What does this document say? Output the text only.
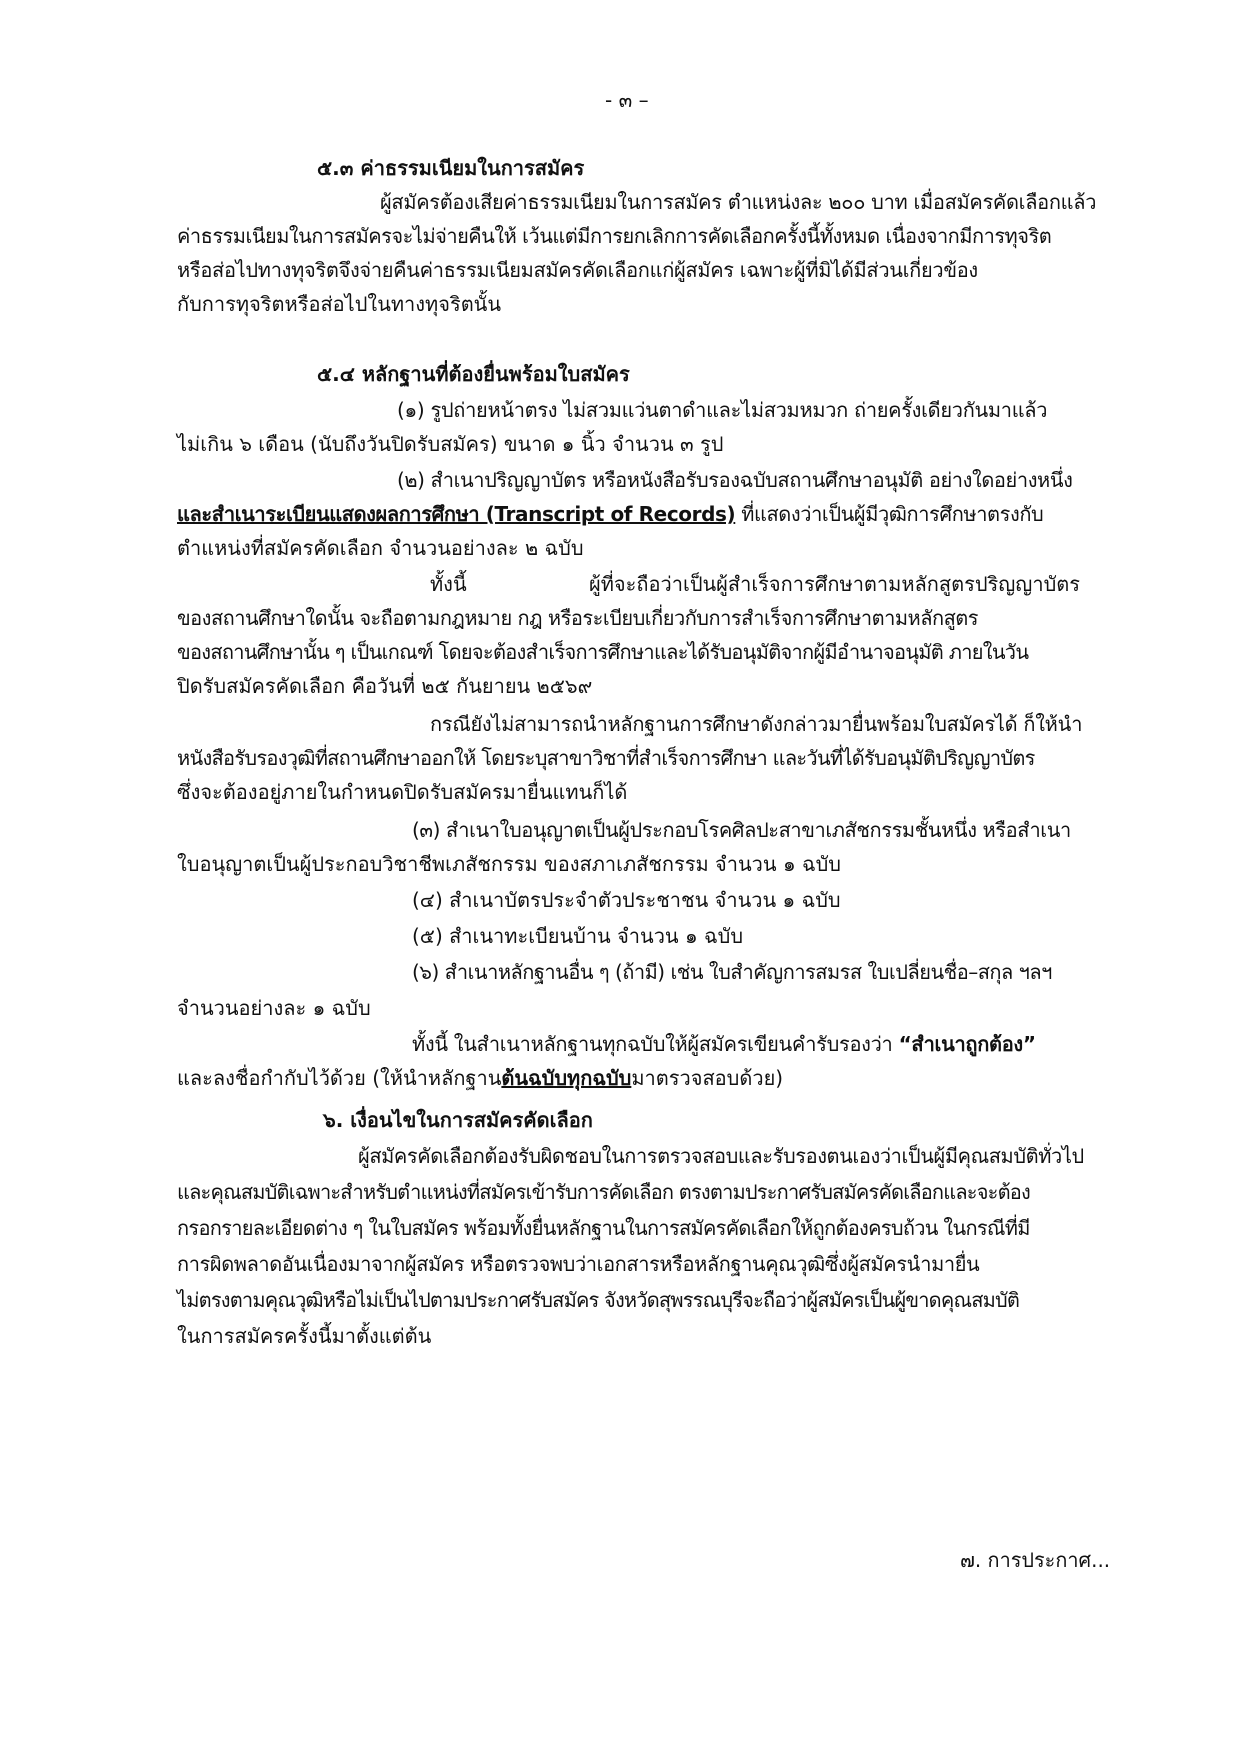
- ๓ –
๕.๓ ค่าธรรมเนียมในการสมัคร
ผู้สมัครต้องเสียค่าธรรมเนียมในการสมัคร ตำแหน่งละ ๒๐๐ บาท เมื่อสมัครคัดเลือกแล้ว
ค่าธรรมเนียมในการสมัครจะไม่จ่ายคืนให้ เว้นแต่มีการยกเลิกการคัดเลือกครั้งนี้ทั้งหมด เนื่องจากมีการทุจริต
หรือส่อไปทางทุจริตจึงจ่ายคืนค่าธรรมเนียมสมัครคัดเลือกแก่ผู้สมัคร เฉพาะผู้ที่มิได้มีส่วนเกี่ยวข้อง
กับการทุจริตหรือส่อไปในทางทุจริตนั้น
๕.๔ หลักฐานที่ต้องยื่นพร้อมใบสมัคร
(๑) รูปถ่ายหน้าตรง ไม่สวมแว่นตาดำและไม่สวมหมวก ถ่ายครั้งเดียวกันมาแล้ว
ไม่เกิน ๖ เดือน (นับถึงวันปิดรับสมัคร) ขนาด ๑ นิ้ว จำนวน ๓ รูป
(๒) สำเนาปริญญาบัตร หรือหนังสือรับรองฉบับสถานศึกษาอนุมัติ อย่างใดอย่างหนึ่ง
และสำเนาระเบียนแสดงผลการศึกษา (Transcript of Records) ที่แสดงว่าเป็นผู้มีวุฒิการศึกษาตรงกับ
ตำแหน่งที่สมัครคัดเลือก จำนวนอย่างละ ๒ ฉบับ
ทั้งนี้	ผู้ที่จะถือว่าเป็นผู้สำเร็จการศึกษาตามหลักสูตรปริญญาบัตร
ของสถานศึกษาใดนั้น จะถือตามกฎหมาย กฎ หรือระเบียบเกี่ยวกับการสำเร็จการศึกษาตามหลักสูตร
ของสถานศึกษานั้น ๆ เป็นเกณฑ์ โดยจะต้องสำเร็จการศึกษาและได้รับอนุมัติจากผู้มีอำนาจอนุมัติ ภายในวัน
ปิดรับสมัครคัดเลือก คือวันที่ ๒๕ กันยายน ๒๕๖๙
กรณียังไม่สามารถนำหลักฐานการศึกษาดังกล่าวมายื่นพร้อมใบสมัครได้ ก็ให้นำ
หนังสือรับรองวุฒิที่สถานศึกษาออกให้ โดยระบุสาขาวิชาที่สำเร็จการศึกษา และวันที่ได้รับอนุมัติปริญญาบัตร
ซึ่งจะต้องอยู่ภายในกำหนดปิดรับสมัครมายื่นแทนก็ได้
(๓) สำเนาใบอนุญาตเป็นผู้ประกอบโรคศิลปะสาขาเภสัชกรรมชั้นหนึ่ง หรือสำเนา
ใบอนุญาตเป็นผู้ประกอบวิชาชีพเภสัชกรรม ของสภาเภสัชกรรม จำนวน ๑ ฉบับ
(๔) สำเนาบัตรประจำตัวประชาชน จำนวน ๑ ฉบับ
(๕) สำเนาทะเบียนบ้าน จำนวน ๑ ฉบับ
(๖) สำเนาหลักฐานอื่น ๆ (ถ้ามี) เช่น ใบสำคัญการสมรส ใบเปลี่ยนชื่อ–สกุล ฯลฯ
จำนวนอย่างละ ๑ ฉบับ
ทั้งนี้ ในสำเนาหลักฐานทุกฉบับให้ผู้สมัครเขียนคำรับรองว่า “สำเนาถูกต้อง”
และลงชื่อกำกับไว้ด้วย (ให้นำหลักฐานต้นฉบับทุกฉบับมาตรวจสอบด้วย)
๖. เงื่อนไขในการสมัครคัดเลือก
ผู้สมัครคัดเลือกต้องรับผิดชอบในการตรวจสอบและรับรองตนเองว่าเป็นผู้มีคุณสมบัติทั่วไป
และคุณสมบัติเฉพาะสำหรับตำแหน่งที่สมัครเข้ารับการคัดเลือก ตรงตามประกาศรับสมัครคัดเลือกและจะต้อง
กรอกรายละเอียดต่าง ๆ ในใบสมัคร พร้อมทั้งยื่นหลักฐานในการสมัครคัดเลือกให้ถูกต้องครบถ้วน ในกรณีที่มี
การผิดพลาดอันเนื่องมาจากผู้สมัคร หรือตรวจพบว่าเอกสารหรือหลักฐานคุณวุฒิซึ่งผู้สมัครนำมายื่น
ไม่ตรงตามคุณวุฒิหรือไม่เป็นไปตามประกาศรับสมัคร จังหวัดสุพรรณบุรีจะถือว่าผู้สมัครเป็นผู้ขาดคุณสมบัติ
ในการสมัครครั้งนี้มาตั้งแต่ต้น
๗. การประกาศ...
